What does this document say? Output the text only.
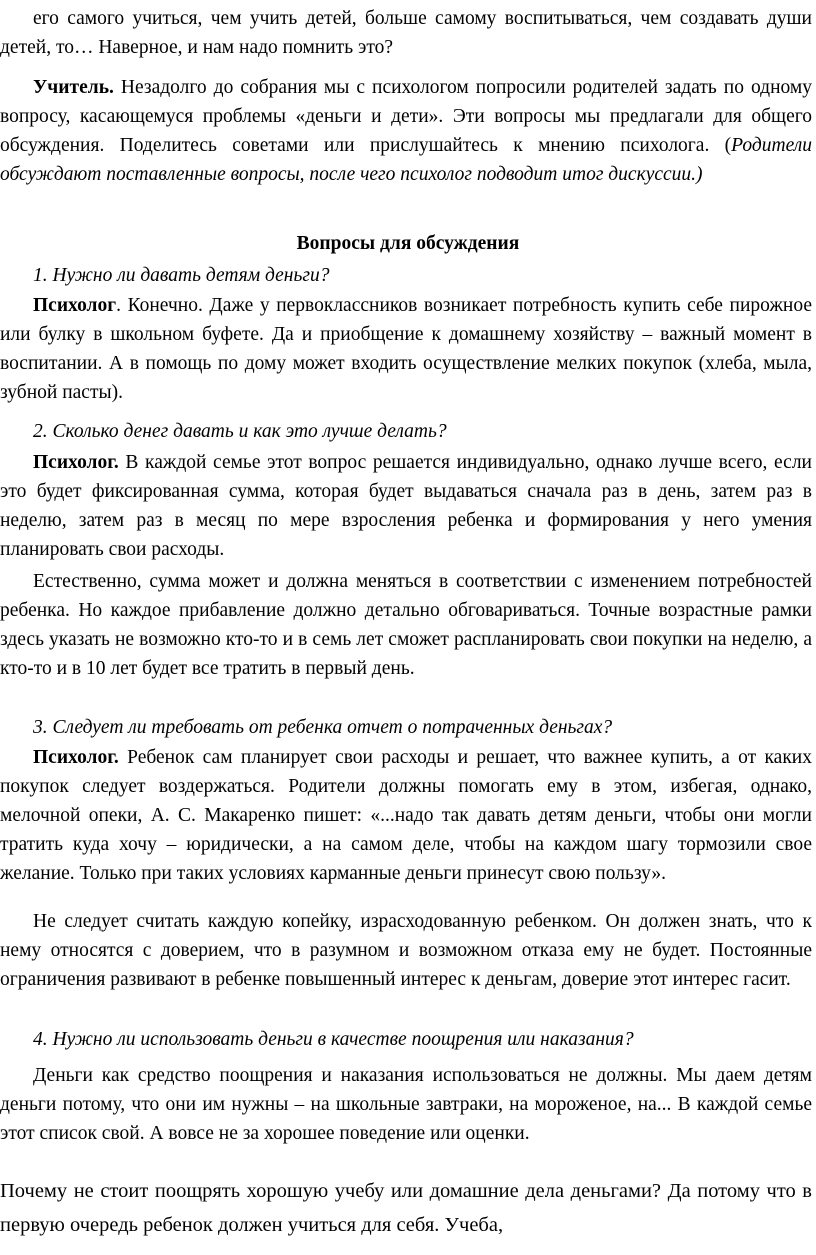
его самого учиться, чем учить детей, больше самому воспитываться, чем создавать души детей, то… Наверное, и нам надо помнить это?
Учитель. Незадолго до собрания мы с психологом попросили родителей задать по одному вопросу, касающемуся проблемы «деньги и дети». Эти вопросы мы предлагали для общего обсуждения. Поделитесь советами или прислушайтесь к мнению психолога. (Родители обсуждают поставленные вопросы, после чего психолог подводит итог дискуссии.)
Вопросы для обсуждения
1. Нужно ли давать детям деньги?
Психолог. Конечно. Даже у первоклассников возникает потребность купить себе пирожное или булку в школьном буфете. Да и приобщение к домашнему хозяйству – важный момент в воспитании. А в помощь по дому может входить осуществление мелких покупок (хлеба, мыла, зубной пасты).
2. Сколько денег давать и как это лучше делать?
Психолог. В каждой семье этот вопрос решается индивидуально, однако лучше всего, если это будет фиксированная сумма, которая будет выдаваться сначала раз в день, затем раз в неделю, затем раз в месяц по мере взросления ребенка и формирования у него умения планировать свои расходы.
Естественно, сумма может и должна меняться в соответствии с изменением потребностей ребенка. Но каждое прибавление должно детально обговариваться. Точные возрастные рамки здесь указать не возможно кто-то и в семь лет сможет распланировать свои покупки на неделю, а кто-то и в 10 лет будет все тратить в первый день.
3. Следует ли требовать от ребенка отчет о потраченных деньгах?
Психолог. Ребенок сам планирует свои расходы и решает, что важнее купить, а от каких покупок следует воздержаться. Родители должны помогать ему в этом, избегая, однако, мелочной опеки, А. С. Макаренко пишет: «...надо так давать детям деньги, чтобы они могли тратить куда хочу – юридически, а на самом деле, чтобы на каждом шагу тормозили свое желание. Только при таких условиях карманные деньги принесут свою пользу».
Не следует считать каждую копейку, израсходованную ребенком. Он должен знать, что к нему относятся с доверием, что в разумном и возможном отказа ему не будет. Постоянные ограничения развивают в ребенке повышенный интерес к деньгам, доверие этот интерес гасит.
4. Нужно ли использовать деньги в качестве поощрения или наказания?
Деньги как средство поощрения и наказания использоваться не должны. Мы даем детям деньги потому, что они им нужны – на школьные завтраки, на мороженое, на... В каждой семье этот список свой. А вовсе не за хорошее поведение или оценки.
Почему не стоит поощрять хорошую учебу или домашние дела деньгами? Да потому что в первую очередь ребенок должен учиться для себя. Учеба,
